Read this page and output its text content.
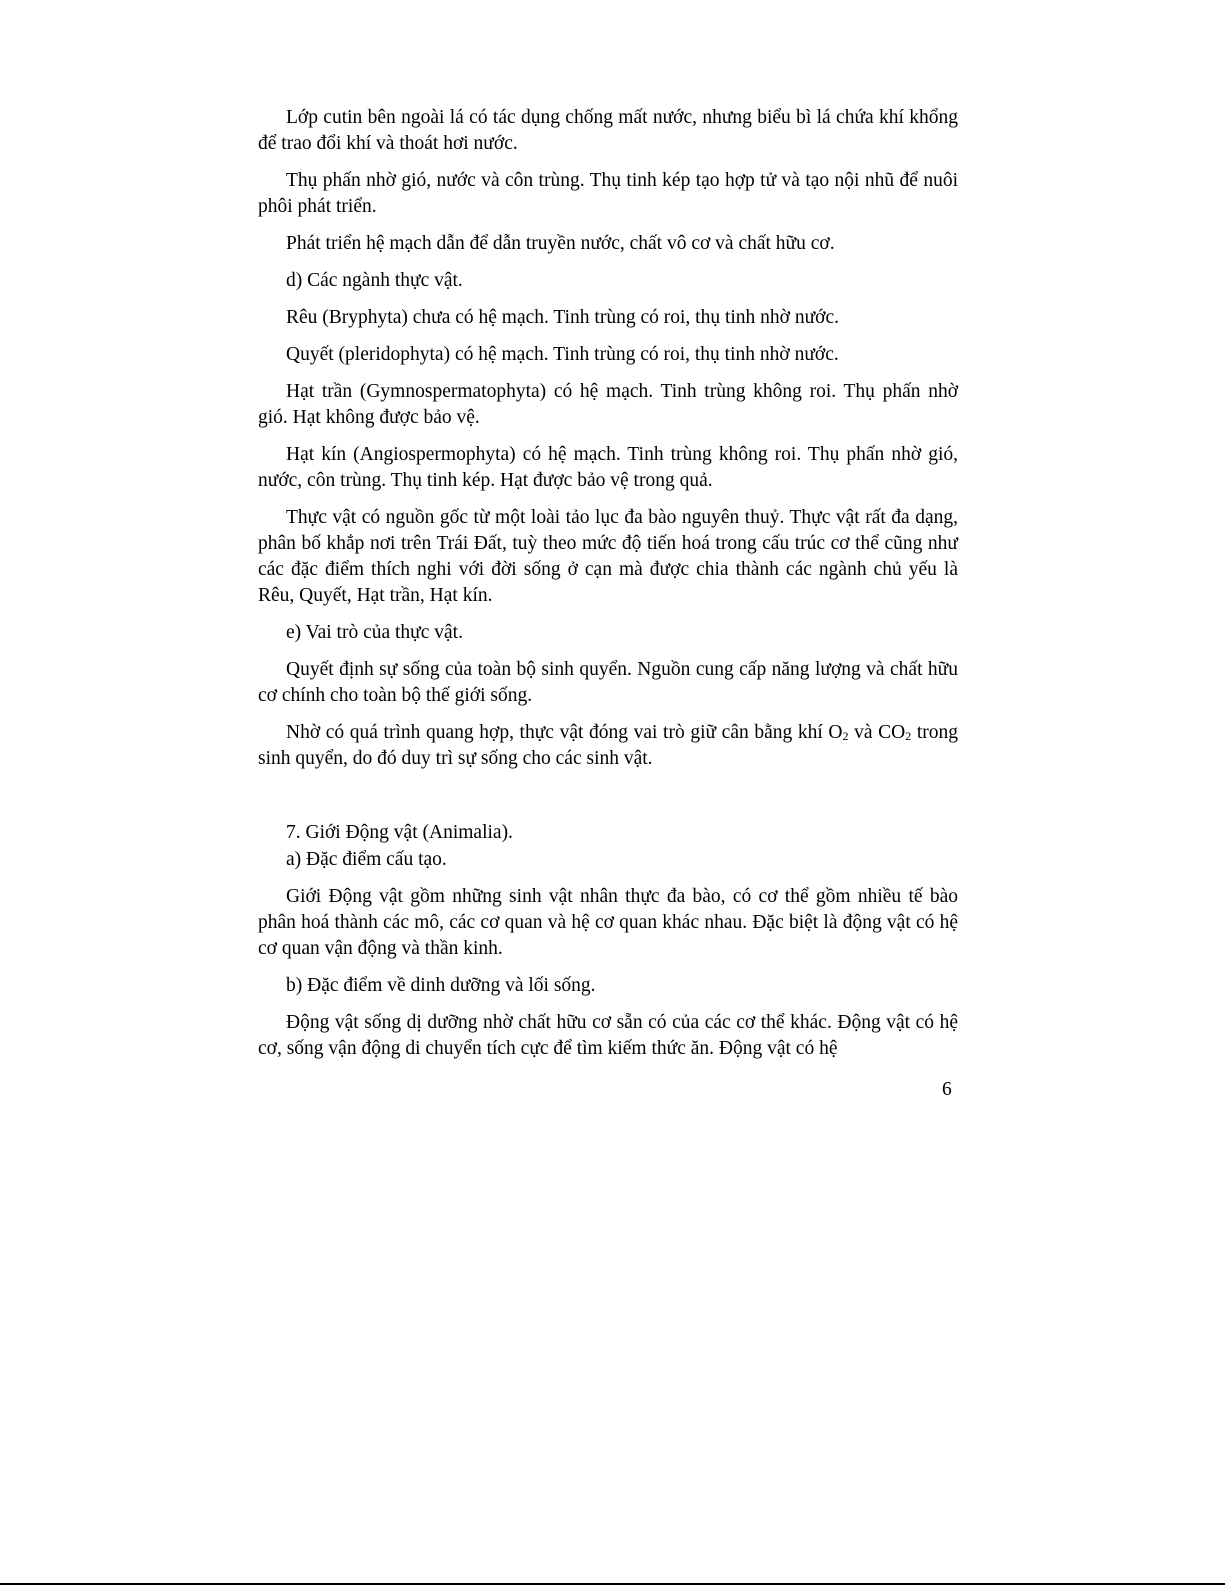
Lớp cutin bên ngoài lá có tác dụng chống mất nước, nhưng biểu bì lá chứa khí khổng để trao đổi khí và thoát hơi nước.

Thụ phấn nhờ gió, nước và côn trùng. Thụ tinh kép tạo hợp tử và tạo nội nhũ để nuôi phôi phát triển.

Phát triển hệ mạch dẫn để dẫn truyền nước, chất vô cơ và chất hữu cơ.

d) Các ngành thực vật.

Rêu (Bryphyta) chưa có hệ mạch. Tinh trùng có roi, thụ tinh nhờ nước.

Quyết (pleridophyta) có hệ mạch. Tinh trùng có roi, thụ tinh nhờ nước.

Hạt trần (Gymnospermatophyta) có hệ mạch. Tinh trùng không roi. Thụ phấn nhờ gió. Hạt không được bảo vệ.

Hạt kín (Angiospermophyta) có hệ mạch. Tinh trùng không roi. Thụ phấn nhờ gió, nước, côn trùng. Thụ tinh kép. Hạt được bảo vệ trong quả.

Thực vật có nguồn gốc từ một loài tảo lục đa bào nguyên thuỷ. Thực vật rất đa dạng, phân bố khắp nơi trên Trái Đất, tuỳ theo mức độ tiến hoá trong cấu trúc cơ thể cũng như các đặc điểm thích nghi với đời sống ở cạn mà được chia thành các ngành chủ yếu là Rêu, Quyết, Hạt trần, Hạt kín.

e) Vai trò của thực vật.

Quyết định sự sống của toàn bộ sinh quyển. Nguồn cung cấp năng lượng và chất hữu cơ chính cho toàn bộ thế giới sống.

Nhờ có quá trình quang hợp, thực vật đóng vai trò giữ cân bằng khí O2 và CO2 trong sinh quyển, do đó duy trì sự sống cho các sinh vật.

7. Giới Động vật (Animalia).

a) Đặc điểm cấu tạo.

Giới Động vật gồm những sinh vật nhân thực đa bào, có cơ thể gồm nhiều tế bào phân hoá thành các mô, các cơ quan và hệ cơ quan khác nhau. Đặc biệt là động vật có hệ cơ quan vận động và thần kinh.

b) Đặc điểm về dinh dưỡng và lối sống.

Động vật sống dị dưỡng nhờ chất hữu cơ sẵn có của các cơ thể khác. Động vật có hệ cơ, sống vận động di chuyển tích cực để tìm kiếm thức ăn. Động vật có hệ

6
